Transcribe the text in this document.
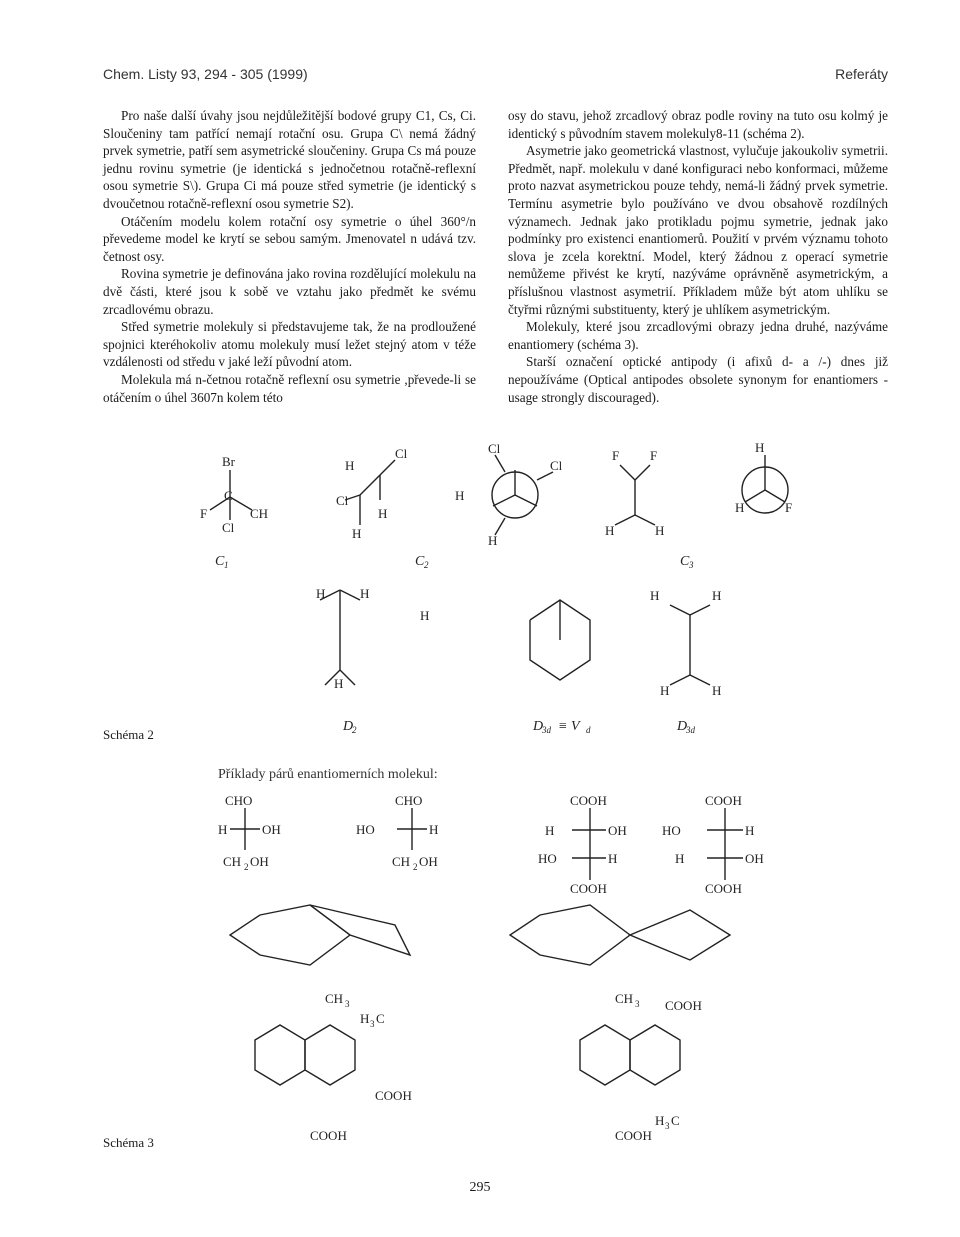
Chem. Listy 93, 294 - 305 (1999)	Referáty

Pro naše další úvahy jsou nejdůležitější bodové grupy C1, Cs, Ci. Sloučeniny tam patřící nemají rotační osu. Grupa C\ nemá žádný prvek symetrie, patří sem asymetrické sloučeniny. Grupa Cs má pouze jednu rovinu symetrie (je identická s jednočetnou rotačně-reflexní osou symetrie S\). Grupa Ci má pouze střed symetrie (je identický s dvoučetnou rotačně-reflexní osou symetrie S2).

Otáčením modelu kolem rotační osy symetrie o úhel 360°/n převedeme model ke krytí se sebou samým. Jmenovatel n udává tzv. četnost osy.

Rovina symetrie je definována jako rovina rozdělující molekulu na dvě části, které jsou k sobě ve vztahu jako předmět ke svému zrcadlovému obrazu.

Střed symetrie molekuly si představujeme tak, že na prodloužené spojnici kteréhokoliv atomu molekuly musí ležet stejný atom v téže vzdálenosti od středu v jaké leží původní atom.

Molekula má n-četnou rotačně reflexní osu symetrie ,převede-li se otáčením o úhel 3607n kolem této

osy do stavu, jehož zrcadlový obraz podle roviny na tuto osu kolmý je identický s původním stavem molekuly8-11 (schéma 2).

Asymetrie jako geometrická vlastnost, vylučuje jakoukoliv symetrii. Předmět, např. molekulu v dané konfiguraci nebo konformaci, můžeme proto nazvat asymetrickou pouze tehdy, nemá-li žádný prvek symetrie. Termínu asymetrie bylo používáno ve dvou obsahově rozdílných významech. Jednak jako protikladu pojmu symetrie, jednak jako podmínky pro existenci enantiomerů. Použití v prvém významu tohoto slova je zcela korektní. Model, který žádnou z operací symetrie nemůžeme přivést ke krytí, nazýváme oprávněně asymetrickým, a příslušnou vlastnost asymetrií. Příkladem může být atom uhlíku se čtyřmi různými substituenty, který je uhlíkem asymetrickým.

Molekuly, které jsou zrcadlovými obrazy jedna druhé, nazýváme enantiomery (schéma 3).

Starší označení optické antipody (i afixů d- a /-) dnes již nepoužíváme (Optical antipodes obsolete synonym for enantiomers - usage strongly discouraged).

Br
C
F	CH
Cl
H
Cl
Cl
H
H
H
Cl
Cl
H
F F
H	H
H
H	F
H	H
H
H
H	H
H	H
C	C	C
D	D	D
1	2	3
2	3d	3d
≡ V d
Příklady párů enantiomerních molekul:
CHO
H	OH
CH 2 OH
CHO
HO	H
CH 2 OH
COOH
H	OH
HO	H
COOH
COOH
HO	H
H	OH
COOH
CH 3
H 3 C
COOH
COOH
CH 3 COOH
H 3 C
COOH
Schéma 2
Schéma 3
295
